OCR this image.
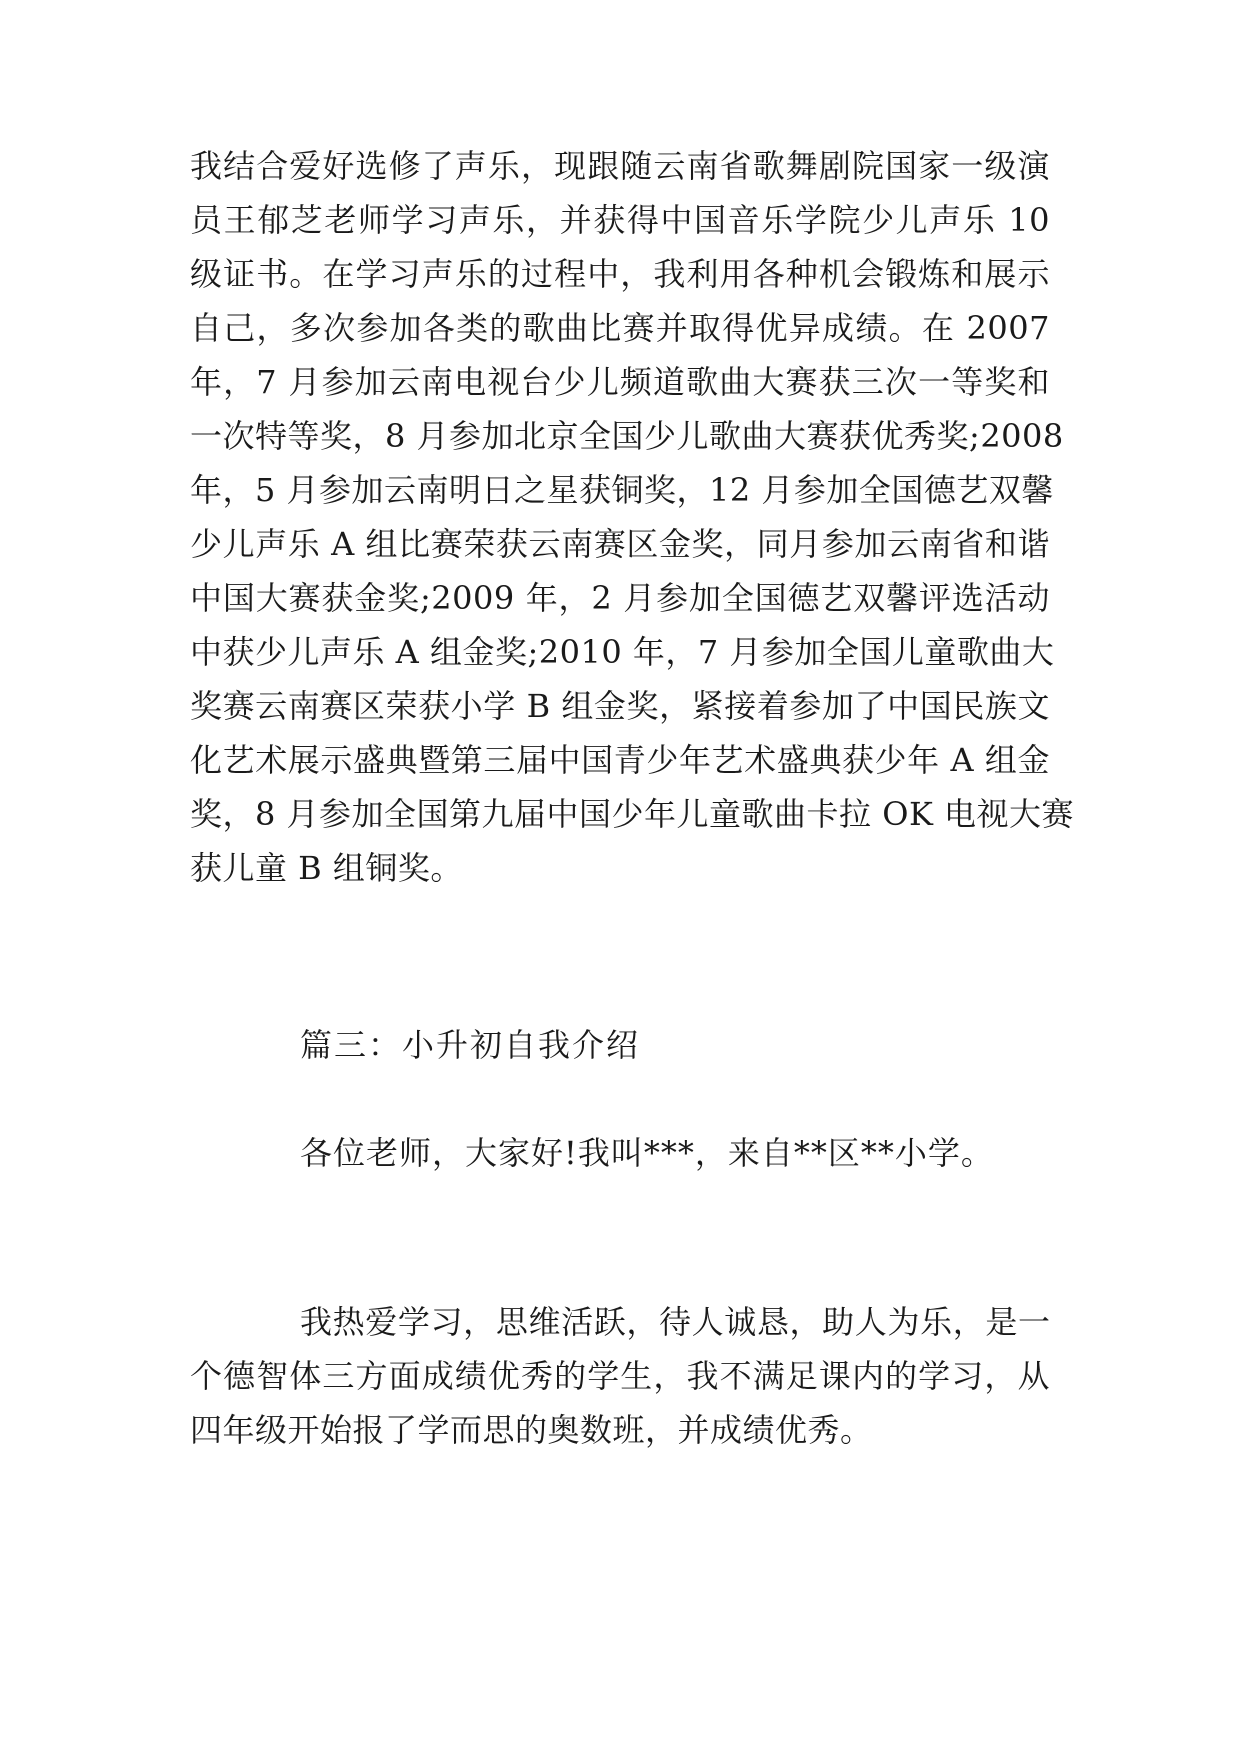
我结合爱好选修了声乐，现跟随云南省歌舞剧院国家一级演
员王郁芝老师学习声乐，并获得中国音乐学院少儿声乐 10
级证书。在学习声乐的过程中，我利用各种机会锻炼和展示
自己，多次参加各类的歌曲比赛并取得优异成绩。在 2007
年，7 月参加云南电视台少儿频道歌曲大赛获三次一等奖和
一次特等奖，8 月参加北京全国少儿歌曲大赛获优秀奖;2008
年，5 月参加云南明日之星获铜奖，12 月参加全国德艺双馨
少儿声乐 A 组比赛荣获云南赛区金奖，同月参加云南省和谐
中国大赛获金奖;2009 年，2 月参加全国德艺双馨评选活动
中获少儿声乐 A 组金奖;2010 年，7 月参加全国儿童歌曲大
奖赛云南赛区荣获小学 B 组金奖，紧接着参加了中国民族文
化艺术展示盛典暨第三届中国青少年艺术盛典获少年 A 组金
奖，8 月参加全国第九届中国少年儿童歌曲卡拉 OK 电视大赛
获儿童 B 组铜奖。
篇三：小升初自我介绍
各位老师，大家好!我叫***，来自**区**小学。
我热爱学习，思维活跃，待人诚恳，助人为乐，是一
个德智体三方面成绩优秀的学生，我不满足课内的学习，从
四年级开始报了学而思的奥数班，并成绩优秀。
